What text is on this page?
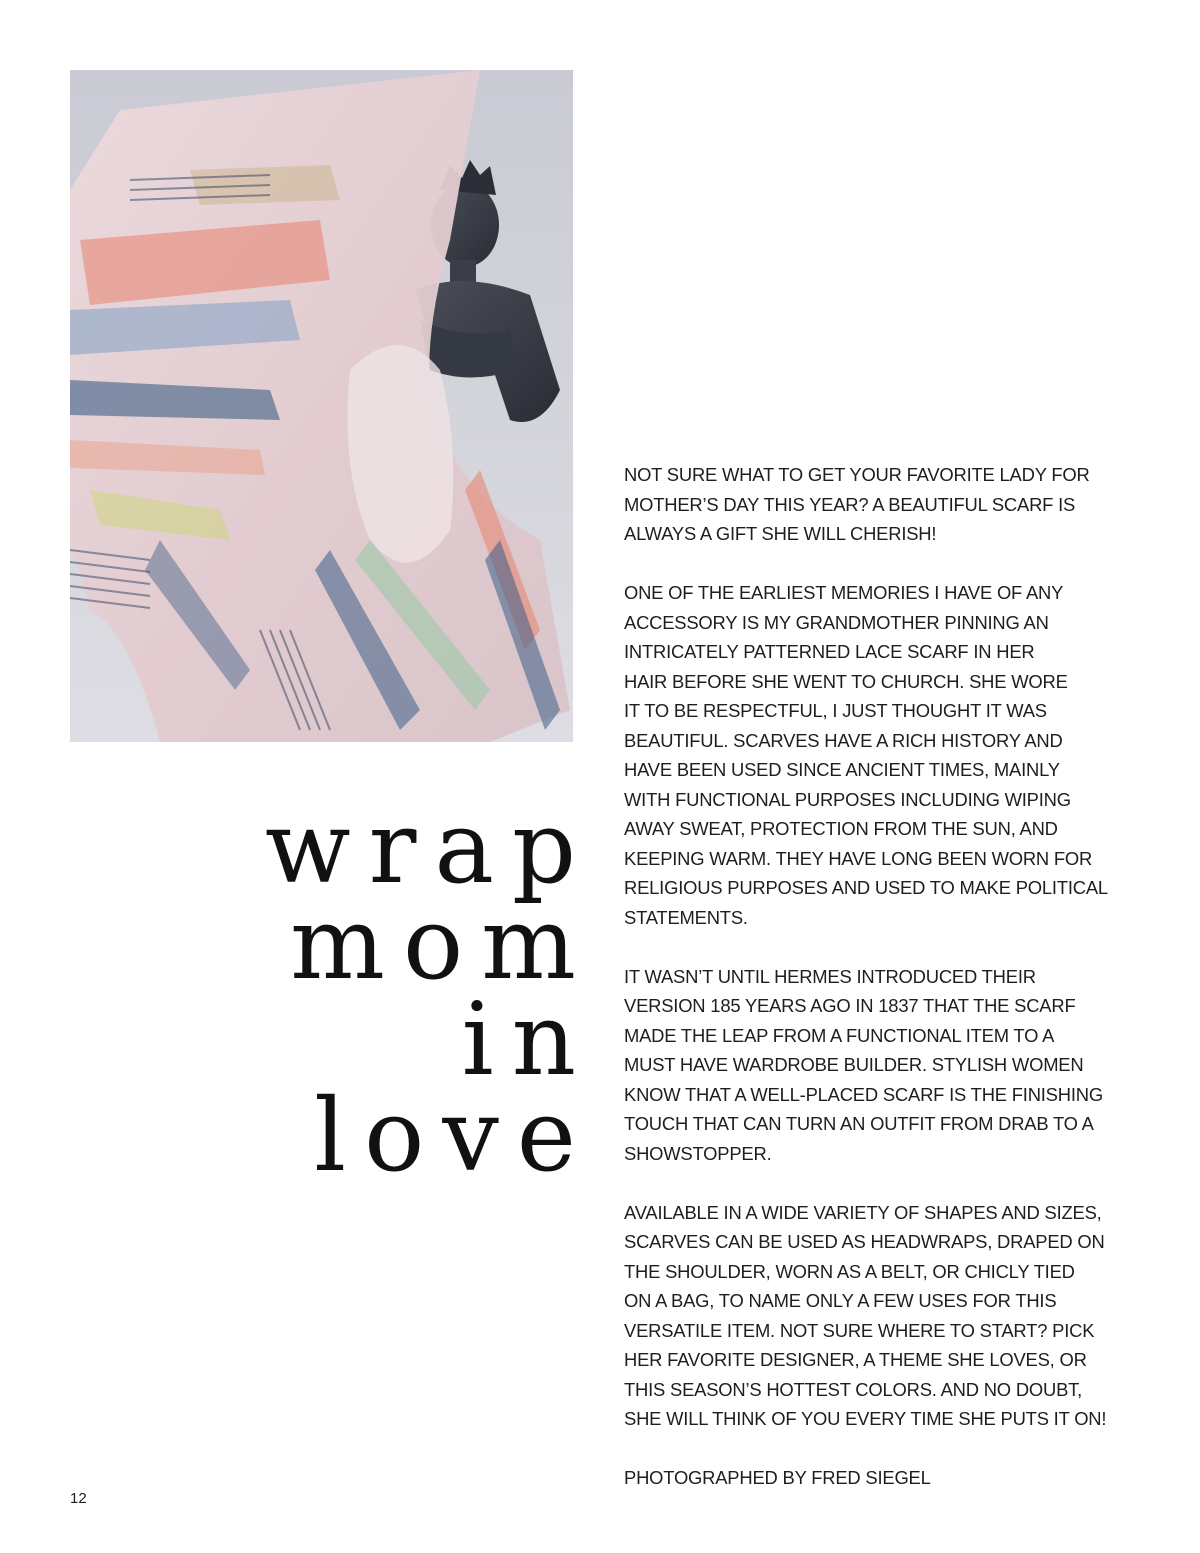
wrap
mom
in
love

NOT SURE WHAT TO GET YOUR FAVORITE LADY FOR
MOTHER’S DAY THIS YEAR? A BEAUTIFUL SCARF IS
ALWAYS A GIFT SHE WILL CHERISH!

ONE OF THE EARLIEST MEMORIES I HAVE OF ANY
ACCESSORY IS MY GRANDMOTHER PINNING AN
INTRICATELY PATTERNED LACE SCARF IN HER
HAIR BEFORE SHE WENT TO CHURCH. SHE WORE
IT TO BE RESPECTFUL, I JUST THOUGHT IT WAS
BEAUTIFUL. SCARVES HAVE A RICH HISTORY AND
HAVE BEEN USED SINCE ANCIENT TIMES, MAINLY
WITH FUNCTIONAL PURPOSES INCLUDING WIPING
AWAY SWEAT, PROTECTION FROM THE SUN, AND
KEEPING WARM. THEY HAVE LONG BEEN WORN FOR
RELIGIOUS PURPOSES AND USED TO MAKE POLITICAL
STATEMENTS.

IT WASN’T UNTIL HERMES INTRODUCED THEIR
VERSION 185 YEARS AGO IN 1837 THAT THE SCARF
MADE THE LEAP FROM A FUNCTIONAL ITEM TO A
MUST HAVE WARDROBE BUILDER. STYLISH WOMEN
KNOW THAT A WELL-PLACED SCARF IS THE FINISHING
TOUCH THAT CAN TURN AN OUTFIT FROM DRAB TO A
SHOWSTOPPER.

AVAILABLE IN A WIDE VARIETY OF SHAPES AND SIZES,
SCARVES CAN BE USED AS HEADWRAPS, DRAPED ON
THE SHOULDER, WORN AS A BELT, OR CHICLY TIED
ON A BAG, TO NAME ONLY A FEW USES FOR THIS
VERSATILE ITEM. NOT SURE WHERE TO START? PICK
HER FAVORITE DESIGNER, A THEME SHE LOVES, OR
THIS SEASON’S HOTTEST COLORS. AND NO DOUBT,
SHE WILL THINK OF YOU EVERY TIME SHE PUTS IT ON!

PHOTOGRAPHED BY FRED SIEGEL

12
